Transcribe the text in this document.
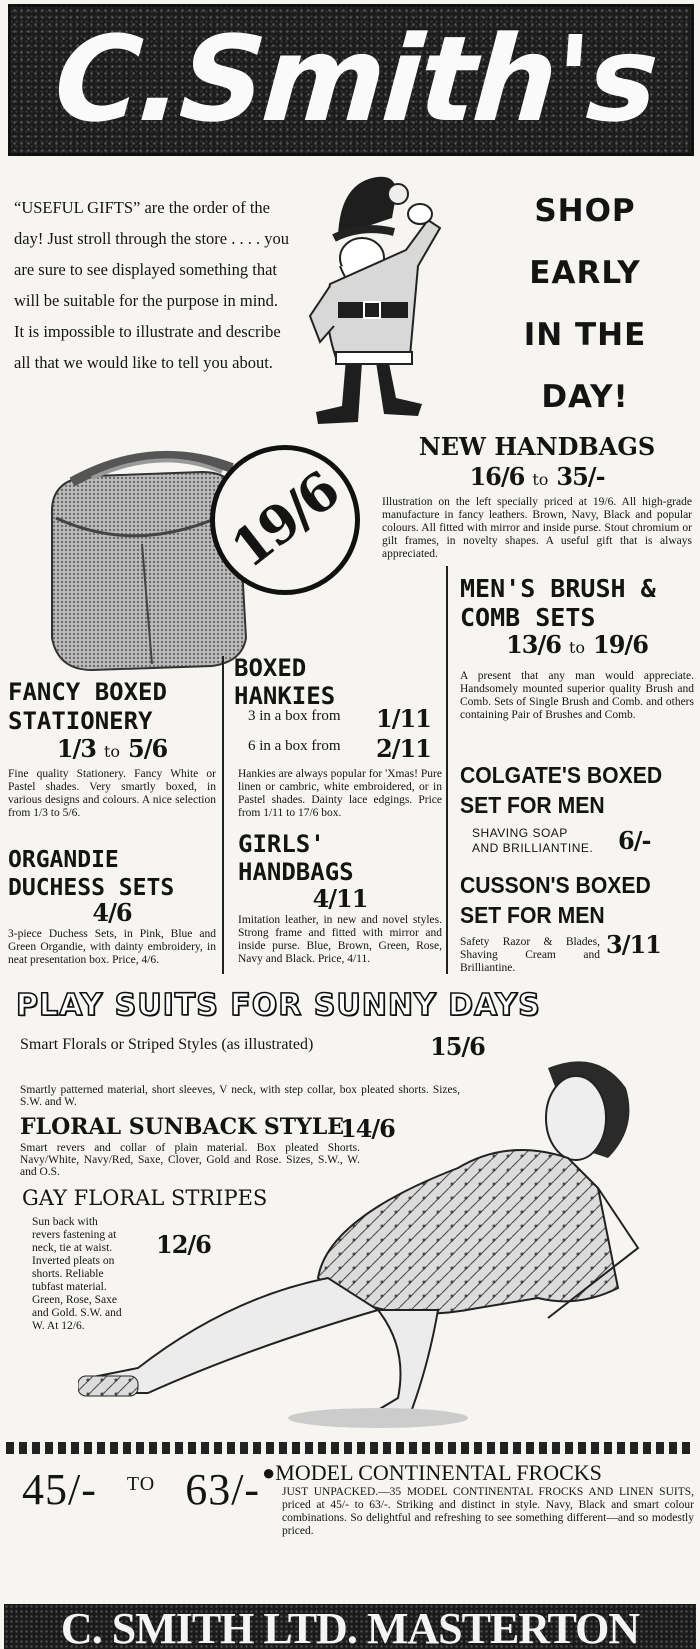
C.Smith's
“USEFUL GIFTS” are the order of the day! Just stroll through the store . . . . you are sure to see displayed something that will be suitable for the purpose in mind. It is impossible to illustrate and describe all that we would like to tell you about.
SHOP
EARLY
IN THE
DAY!
19/6
NEW HANDBAGS
16/6 to 35/-
Illustration on the left specially priced at 19/6. All high-grade manufacture in fancy leathers. Brown, Navy, Black and popular colours. All fitted with mirror and inside purse. Stout chromium or gilt frames, in novelty shapes. A useful gift that is always appreciated.
MEN'S BRUSH &
COMB SETS
13/6 to 19/6
A present that any man would appreciate. Handsomely mounted superior quality Brush and Comb. Sets of Single Brush and Comb. and others containing Pair of Brushes and Comb.
COLGATE'S BOXED
SET FOR MEN
SHAVING SOAP
AND BRILLIANTINE. 6/-
CUSSON'S BOXED
SET FOR MEN
Safety Razor & Blades, Shaving Cream and Brilliantine.
3/11
FANCY BOXED
STATIONERY
1/3 to 5/6
Fine quality Stationery. Fancy White or Pastel shades. Very smartly boxed, in various designs and colours. A nice selection from 1/3 to 5/6.
ORGANDIE
DUCHESS SETS
4/6
3-piece Duchess Sets, in Pink, Blue and Green Organdie, with dainty embroidery, in neat presentation box. Price, 4/6.
BOXED
HANKIES
3 in a box from 1/11
6 in a box from 2/11
Hankies are always popular for 'Xmas! Pure linen or cambric, white embroidered, or in Pastel shades. Dainty lace edgings. Price from 1/11 to 17/6 box.
GIRLS'
HANDBAGS
4/11
Imitation leather, in new and novel styles. Strong frame and fitted with mirror and inside purse. Blue, Brown, Green, Rose, Navy and Black. Price, 4/11.
PLAY SUITS FOR SUNNY DAYS
Smart Florals or Striped Styles (as illustrated)	15/6
Smartly patterned material, short sleeves, V neck, with step collar, box pleated shorts. Sizes, S.W. and W.
FLORAL SUNBACK STYLE
14/6
Smart revers and collar of plain material. Box pleated Shorts. Navy/White, Navy/Red, Saxe, Clover, Gold and Rose. Sizes, S.W., W. and O.S.
GAY FLORAL STRIPES
12/6
Sun back with revers fastening at neck, tie at waist. Inverted pleats on shorts. Reliable tubfast material. Green, Rose, Saxe and Gold. S.W. and W. At 12/6.
45/- $^{TO}$ 63/- ●MODEL CONTINENTAL FROCKS
JUST UNPACKED.—35 MODEL CONTINENTAL FROCKS AND LINEN SUITS, priced at 45/- to 63/-. Striking and distinct in style. Navy, Black and smart colour combinations. So delightful and refreshing to see something different—and so modestly priced.
C. SMITH LTD. MASTERTON
